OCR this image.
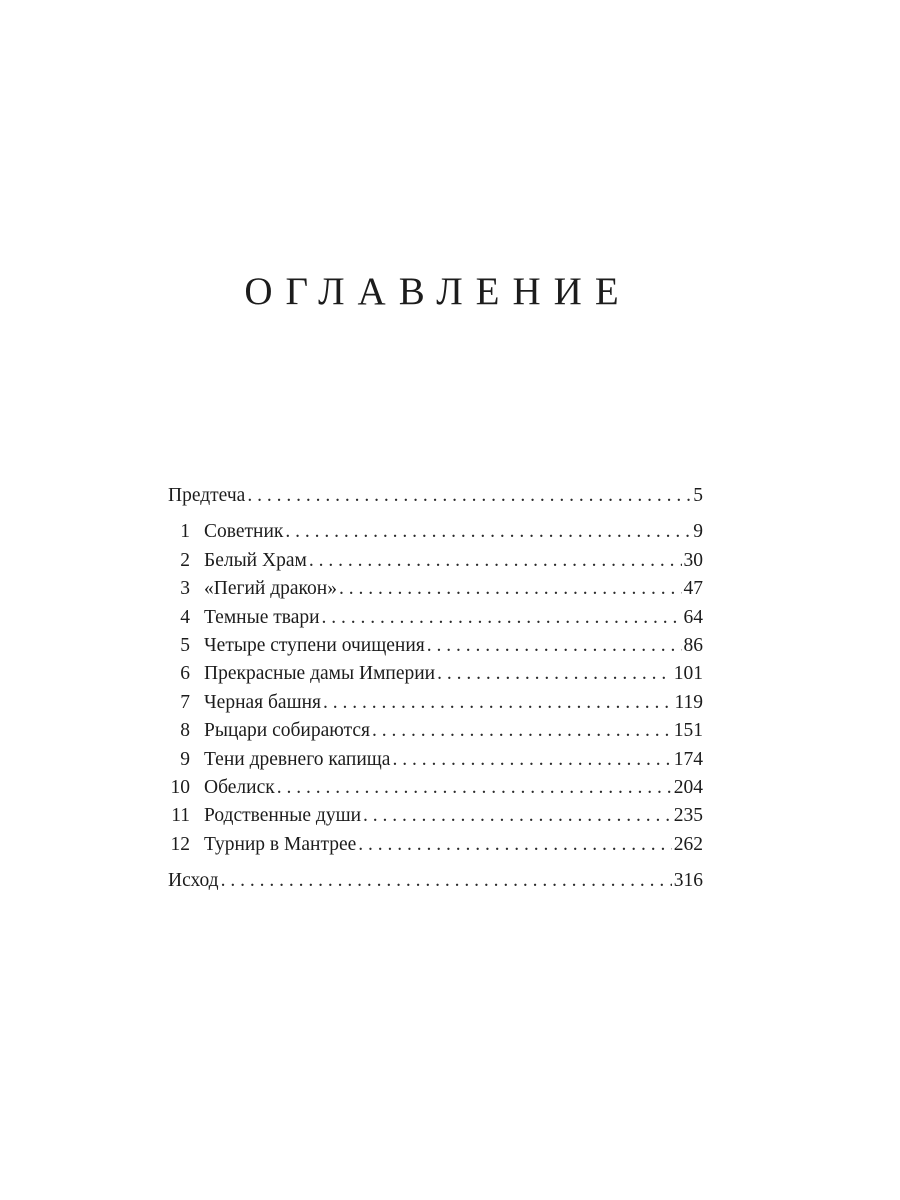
ОГЛАВЛЕНИЕ
Предтеча . . .	5
1 Советник . . .	9
2 Белый Храм . . .	30
3 «Пегий дракон» . . .	47
4 Темные твари . . .	64
5 Четыре ступени очищения . . .	86
6 Прекрасные дамы Империи . . .	101
7 Черная башня . . .	119
8 Рыцари собираются . . .	151
9 Тени древнего капища . . .	174
10 Обелиск . . .	204
11 Родственные души . . .	235
12 Турнир в Мантрее . . .	262
Исход . . .	316
